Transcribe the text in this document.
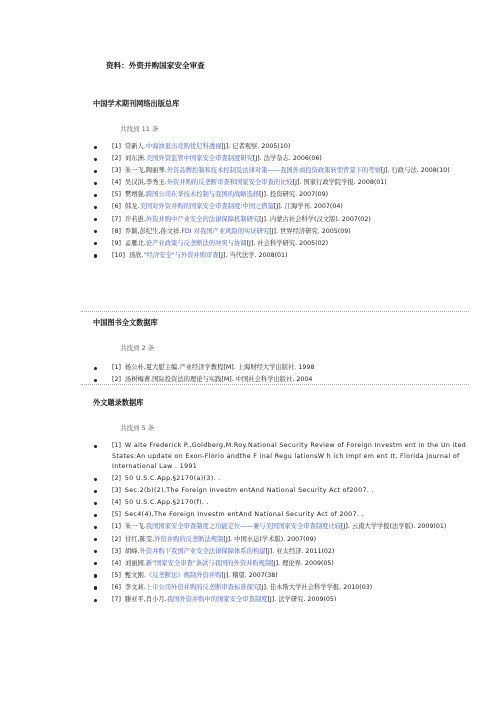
资料：外资并购国家安全审查
中国学术期刊网络出版总库
共找到 11 条
[1] 常新人.中海油退出竞购优尼科透视[J]. 记者观察. 2005(10)
[2] 刘东洲.美国外资监管中国家安全审查制度研究[J]. 法学杂志. 2006(06)
[3] 朱一飞,陶丽琴.外资品牌控制和技术控制及法律对策——我国外商投资政策转型背景下的考察[J]. 行政与法. 2008(10)
[4] 吴汉洪,李秀玉.外资并购的反垄断审查和国家安全审查的比较[J]. 国家行政学院学报. 2008(01)
[5] 樊增强.跨国公司在华技术控制与我国的战略选择[J]. 投资研究. 2007(09)
[6] 韩龙.美国对外资并购的国家安全审查制度:中国之借鉴[J]. 江海学刊. 2007(04)
[7] 许若愚.外资并购中产业安全的法律保障机制研究[J]. 内蒙古社会科学(汉文版). 2007(02)
[8] 乔颖,彭纪生,孙文祥.FDI 对我国产业风险的实证研究[J]. 世界经济研究. 2005(09)
[9] 孟雁北.论产业政策与反垄断法的冲突与协调[J]. 社会科学研究. 2005(02)
[10] 汤欣."经济安全"与外资并购审查[J]. 当代法学. 2008(01)
中国图书全文数据库
共找到 2 条
[1] 杨公朴,夏大慰主编.产业经济学教程[M]. 上海财经大学出版社. 1998
[2] 汤树梅著.国际投资法的理论与实践[M]. 中国社会科学出版社. 2004
外文题录数据库
共找到 5 条
[1] W aite Frederick P.,Goldberg,M.Roy.National Security Review of Foreign Investm ent in the Un ited States:An update on Exon-Florio andthe F inal Regu lationsW h ich Impl em ent It. Florida Journal of International Law . 1991
[2] 50 U.S.C.App.§2170(a)(3). .
[3] Sec.2(b)(2),The Foreign Investm entAnd National Security Act of2007. .
[4] 50 U.S.C.App.§2170(f). .
[5] Sec4(4),The Foreign Investm entAnd National Security Act of 2007. .
[1] 朱一飞.我国国家安全审查制度之功能定位——兼与美国国家安全审查制度比较[J]. 云南大学学报(法学版). 2009(01)
[2] 甘红,陈雯.外资并购的反垄断法规制[J]. 中国水运(学术版). 2007(09)
[3] 胡峰.外资并购下我国产业安全法律保障体系的构建[J]. 亚太经济. 2011(02)
[4] 刘丽园.新"国家安全审查"条款与我国的外资并购规制[J]. 理论界. 2009(05)
[5] 甄文刚.《反垄断法》规制外资并购[J]. 稽望. 2007(38)
[6] 李文莉.上市公司外资并购的反垄断审查标准探究[J]. 佳木斯大学社会科学学报. 2010(03)
[7] 滕亚平,肖小月.我国外资并购中的国家安全审查制度[J]. 法学研究. 2009(05)
